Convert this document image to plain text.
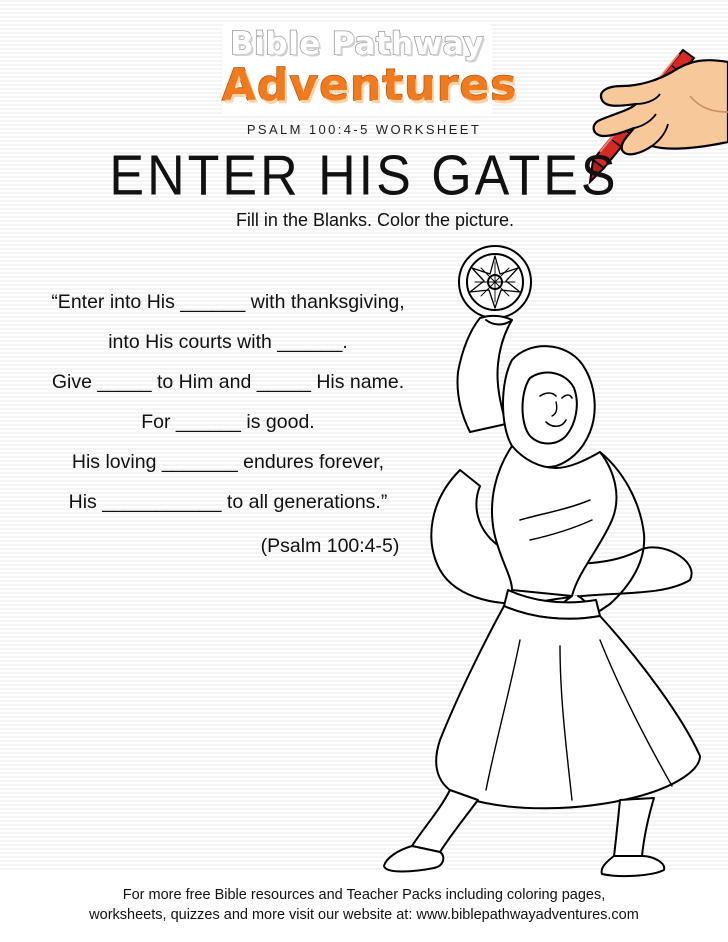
Bible Pathway
Adventures
PSALM 100:4-5 WORKSHEET
ENTER HIS GATES
Fill in the Blanks. Color the picture.
“Enter into His ______ with thanksgiving,
into His courts with ______.
Give _____ to Him and _____ His name.
For ______ is good.
His loving _______ endures forever,
His ___________ to all generations.”
(Psalm 100:4-5)
For more free Bible resources and Teacher Packs including coloring pages,
worksheets, quizzes and more visit our website at: www.biblepathwayadventures.com
